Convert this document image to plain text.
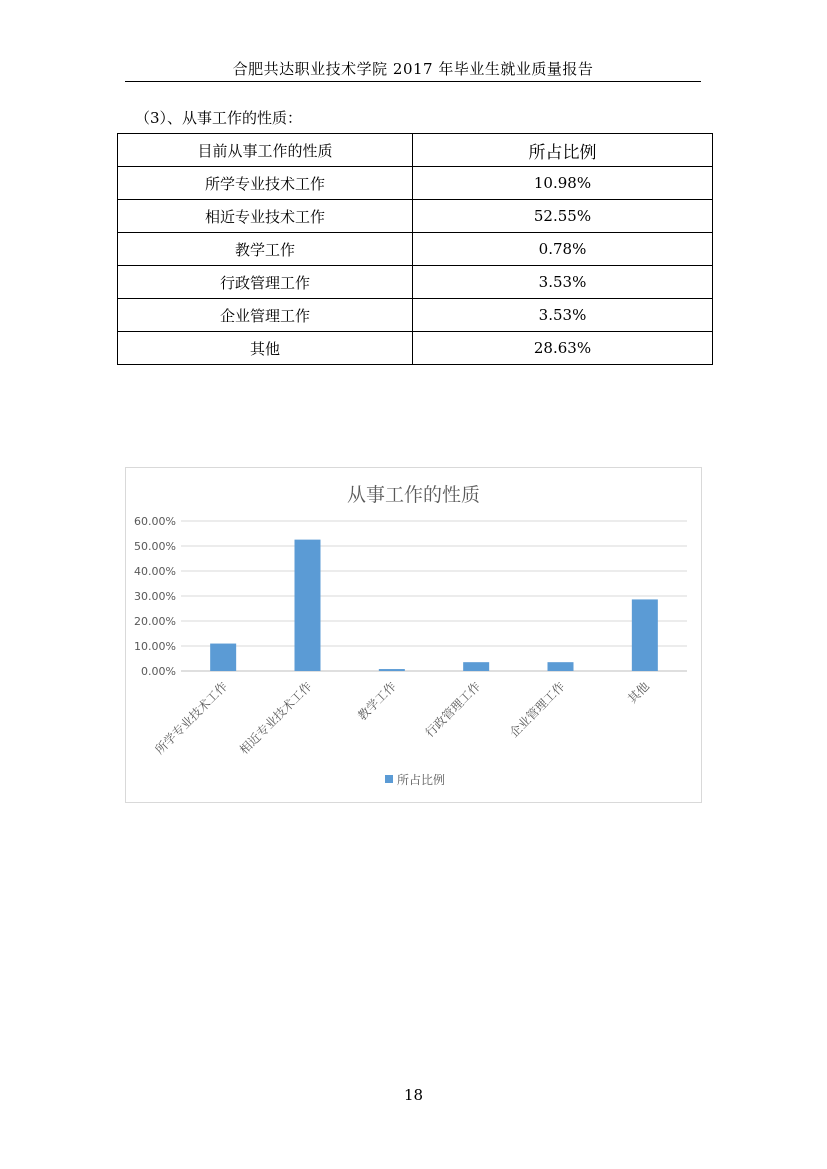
合肥共达职业技术学院 2017 年毕业生就业质量报告
（3）、从事工作的性质：
目前从事工作的性质	所占比例
所学专业技术工作	10.98%
相近专业技术工作	52.55%
教学工作	0.78%
行政管理工作	3.53%
企业管理工作	3.53%
其他	28.63%
从事工作的性质
0.00%
10.00%
20.00%
30.00%
40.00%
50.00%
60.00%
所学专业技术工作 相近专业技术工作	教学工作 行政管理工作 企业管理工作	其他
所占比例
18
